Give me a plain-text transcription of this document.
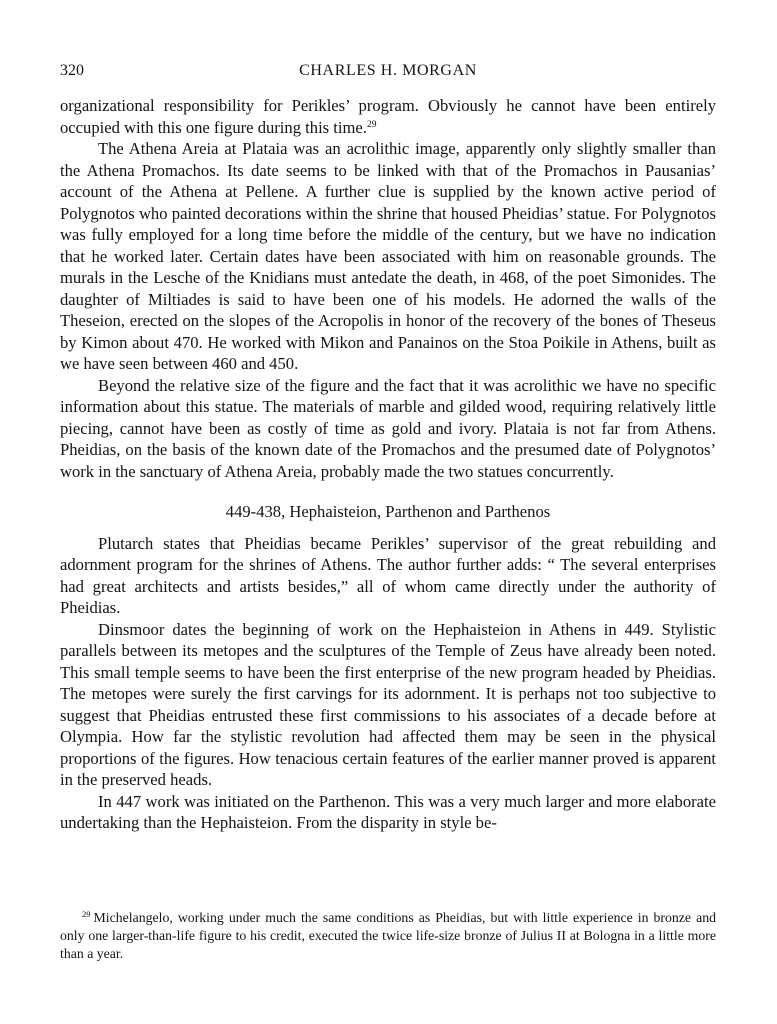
320	CHARLES H. MORGAN

organizational responsibility for Perikles’ program. Obviously he cannot have been entirely occupied with this one figure during this time.$^{29}$

The Athena Areia at Plataia was an acrolithic image, apparently only slightly smaller than the Athena Promachos. Its date seems to be linked with that of the Promachos in Pausanias’ account of the Athena at Pellene. A further clue is supplied by the known active period of Polygnotos who painted decorations within the shrine that housed Pheidias’ statue. For Polygnotos was fully employed for a long time before the middle of the century, but we have no indication that he worked later. Certain dates have been associated with him on reasonable grounds. The murals in the Lesche of the Knidians must antedate the death, in 468, of the poet Simonides. The daughter of Miltiades is said to have been one of his models. He adorned the walls of the Theseion, erected on the slopes of the Acropolis in honor of the recovery of the bones of Theseus by Kimon about 470. He worked with Mikon and Panainos on the Stoa Poikile in Athens, built as we have seen between 460 and 450.

Beyond the relative size of the figure and the fact that it was acrolithic we have no specific information about this statue. The materials of marble and gilded wood, requiring relatively little piecing, cannot have been as costly of time as gold and ivory. Plataia is not far from Athens. Pheidias, on the basis of the known date of the Promachos and the presumed date of Polygnotos’ work in the sanctuary of Athena Areia, probably made the two statues concurrently.

449-438, Hephaisteion, Parthenon and Parthenos

Plutarch states that Pheidias became Perikles’ supervisor of the great rebuilding and adornment program for the shrines of Athens. The author further adds: “ The several enterprises had great architects and artists besides,” all of whom came directly under the authority of Pheidias.

Dinsmoor dates the beginning of work on the Hephaisteion in Athens in 449. Stylistic parallels between its metopes and the sculptures of the Temple of Zeus have already been noted. This small temple seems to have been the first enterprise of the new program headed by Pheidias. The metopes were surely the first carvings for its adornment. It is perhaps not too subjective to suggest that Pheidias entrusted these first commissions to his associates of a decade before at Olympia. How far the stylistic revolution had affected them may be seen in the physical proportions of the figures. How tenacious certain features of the earlier manner proved is apparent in the preserved heads.

In 447 work was initiated on the Parthenon. This was a very much larger and more elaborate undertaking than the Hephaisteion. From the disparity in style be-

$^{29}$ Michelangelo, working under much the same conditions as Pheidias, but with little experience in bronze and only one larger-than-life figure to his credit, executed the twice life-size bronze of Julius II at Bologna in a little more than a year.
